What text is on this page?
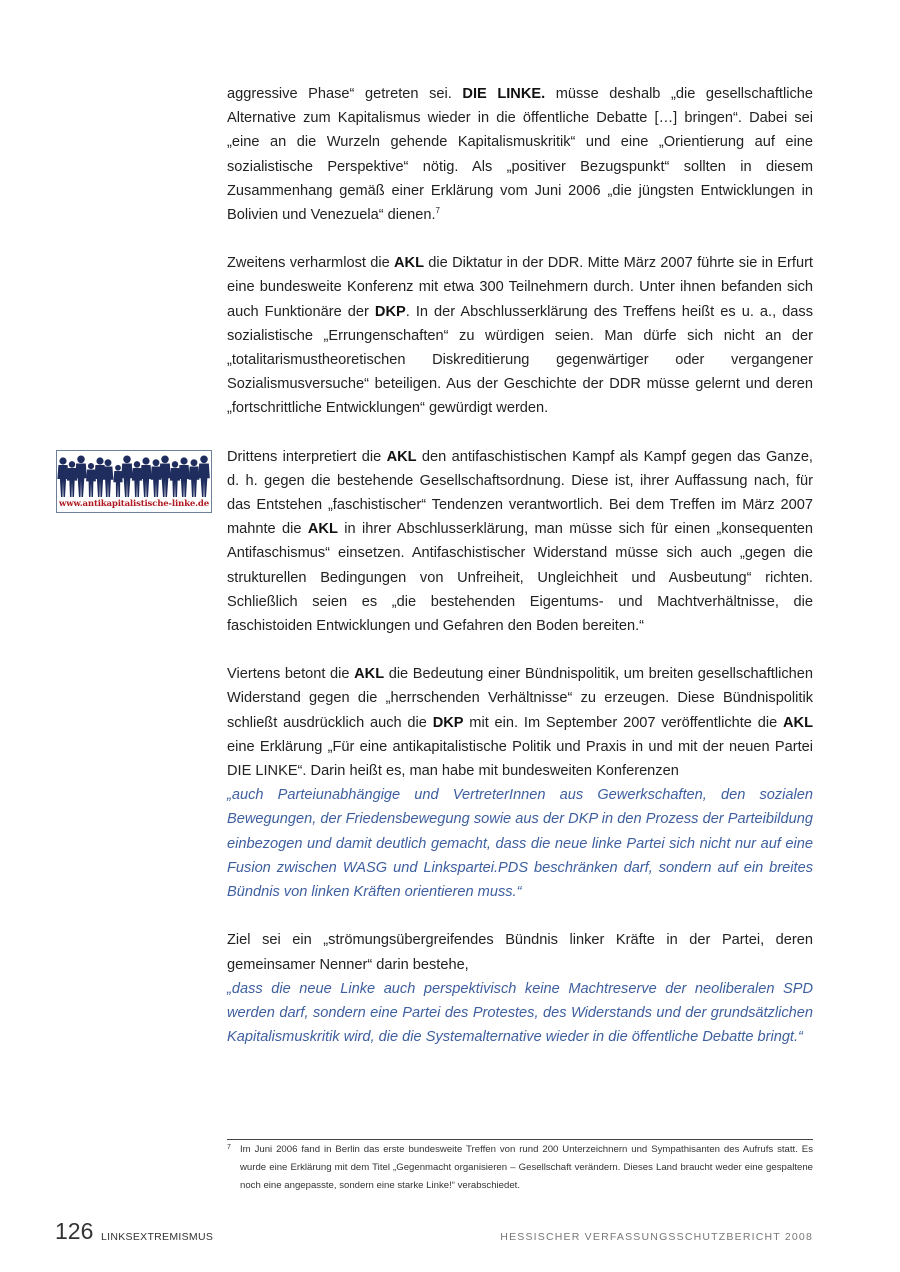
aggressive Phase“ getreten sei. DIE LINKE. müsse deshalb „die gesellschaftliche Alternative zum Kapitalismus wieder in die öffentliche Debatte […] bringen“. Dabei sei „eine an die Wurzeln gehende Kapitalismuskritik“ und eine „Orientierung auf eine sozialistische Perspektive“ nötig. Als „positiver Bezugspunkt“ sollten in diesem Zusammenhang gemäß einer Erklärung vom Juni 2006 „die jüngsten Entwicklungen in Bolivien und Venezuela“ dienen.$^7$

Zweitens verharmlost die AKL die Diktatur in der DDR. Mitte März 2007 führte sie in Erfurt eine bundesweite Konferenz mit etwa 300 Teilnehmern durch. Unter ihnen befanden sich auch Funktionäre der DKP. In der Abschlusserklärung des Treffens heißt es u. a., dass sozialistische „Errungenschaften“ zu würdigen seien. Man dürfe sich nicht an der „totalitarismustheoretischen Diskreditierung gegenwärtiger oder vergangener Sozialismusversuche“ beteiligen. Aus der Geschichte der DDR müsse gelernt und deren „fortschrittliche Entwicklungen“ gewürdigt werden.

Drittens interpretiert die AKL den antifaschistischen Kampf als Kampf gegen das Ganze, d. h. gegen die bestehende Gesellschaftsordnung. Diese ist, ihrer Auffassung nach, für das Entstehen „faschistischer“ Tendenzen verantwortlich. Bei dem Treffen im März 2007 mahnte die AKL in ihrer Abschlusserklärung, man müsse sich für einen „konsequenten Antifaschismus“ einsetzen. Antifaschistischer Widerstand müsse sich auch „gegen die strukturellen Bedingungen von Unfreiheit, Ungleichheit und Ausbeutung“ richten. Schließlich seien es „die bestehenden Eigentums- und Machtverhältnisse, die faschistoiden Entwicklungen und Gefahren den Boden bereiten.“

Viertens betont die AKL die Bedeutung einer Bündnispolitik, um breiten gesellschaftlichen Widerstand gegen die „herrschenden Verhältnisse“ zu erzeugen. Diese Bündnispolitik schließt ausdrücklich auch die DKP mit ein. Im September 2007 veröffentlichte die AKL eine Erklärung „Für eine antikapitalistische Politik und Praxis in und mit der neuen Partei DIE LINKE“. Darin heißt es, man habe mit bundesweiten Konferenzen

„auch Parteiunabhängige und VertreterInnen aus Gewerkschaften, den sozialen Bewegungen, der Friedensbewegung sowie aus der DKP in den Prozess der Parteibildung einbezogen und damit deutlich gemacht, dass die neue linke Partei sich nicht nur auf eine Fusion zwischen WASG und Linkspartei.PDS beschränken darf, sondern auf ein breites Bündnis von linken Kräften orientieren muss.“

Ziel sei ein „strömungsübergreifendes Bündnis linker Kräfte in der Partei, deren gemeinsamer Nenner“ darin bestehe,

„dass die neue Linke auch perspektivisch keine Machtreserve der neoliberalen SPD werden darf, sondern eine Partei des Protestes, des Widerstands und der grundsätzlichen Kapitalismuskritik wird, die die Systemalternative wieder in die öffentliche Debatte bringt.“

www.antikapitalistische-linke.de
7 Im Juni 2006 fand in Berlin das erste bundesweite Treffen von rund 200 Unterzeichnern und Sympathisanten des Aufrufs statt. Es wurde eine Erklärung mit dem Titel „Gegenmacht organisieren – Gesellschaft verändern. Dieses Land braucht weder eine gespaltene noch eine angepasste, sondern eine starke Linke!“ verabschiedet.
126 LINKSEXTREMISMUS	HESSISCHER VERFASSUNGSSCHUTZBERICHT 2008
